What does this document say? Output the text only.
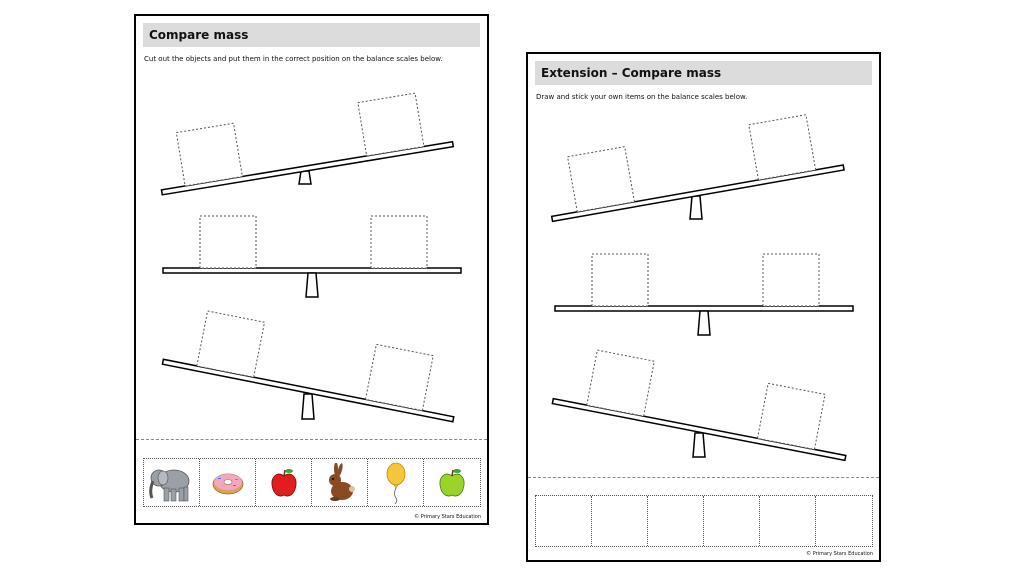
Compare mass
Cut out the objects and put them in the correct position on the balance scales below.
© Primary Stars Education
Extension – Compare mass
Draw and stick your own items on the balance scales below.
© Primary Stars Education
